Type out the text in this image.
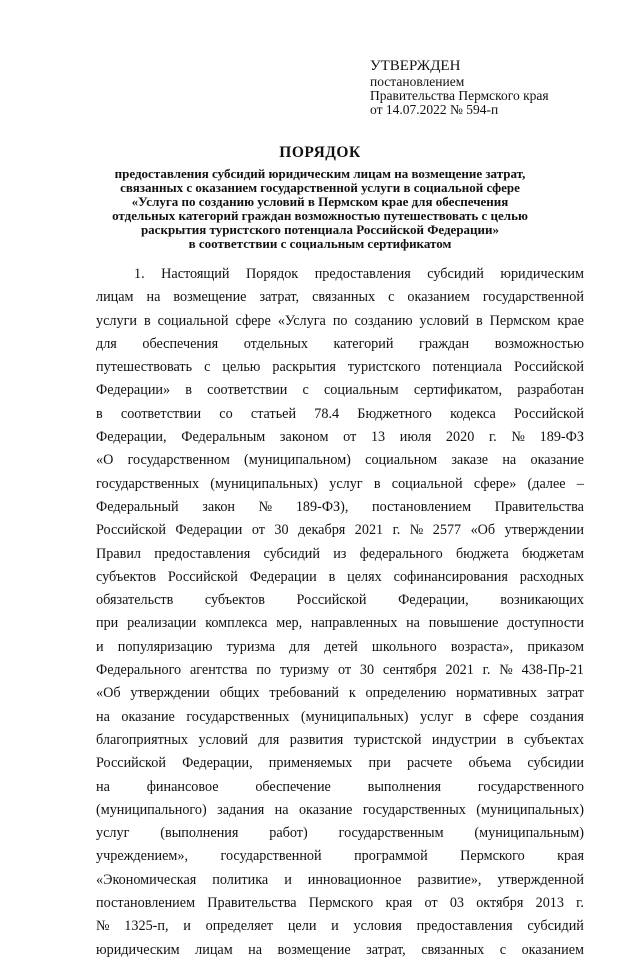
УТВЕРЖДЕН
постановлением
Правительства Пермского края
от 14.07.2022 № 594-п
ПОРЯДОК
предоставления субсидий юридическим лицам на возмещение затрат,
связанных с оказанием государственной услуги в социальной сфере
«Услуга по созданию условий в Пермском крае для обеспечения
отдельных категорий граждан возможностью путешествовать с целью
раскрытия туристского потенциала Российской Федерации»
в соответствии с социальным сертификатом
1. Настоящий Порядок предоставления субсидий юридическим
лицам на возмещение затрат, связанных с оказанием государственной
услуги в социальной сфере «Услуга по созданию условий в Пермском крае
для обеспечения отдельных категорий граждан возможностью
путешествовать с целью раскрытия туристского потенциала Российской
Федерации» в соответствии с социальным сертификатом, разработан
в соответствии со статьей 78.4 Бюджетного кодекса Российской
Федерации, Федеральным законом от 13 июля 2020 г. № 189-ФЗ
«О государственном (муниципальном) социальном заказе на оказание
государственных (муниципальных) услуг в социальной сфере» (далее –
Федеральный закон № 189-ФЗ), постановлением Правительства
Российской Федерации от 30 декабря 2021 г. № 2577 «Об утверждении
Правил предоставления субсидий из федерального бюджета бюджетам
субъектов Российской Федерации в целях софинансирования расходных
обязательств субъектов Российской Федерации, возникающих
при реализации комплекса мер, направленных на повышение доступности
и популяризацию туризма для детей школьного возраста», приказом
Федерального агентства по туризму от 30 сентября 2021 г. № 438-Пр-21
«Об утверждении общих требований к определению нормативных затрат
на оказание государственных (муниципальных) услуг в сфере создания
благоприятных условий для развития туристской индустрии в субъектах
Российской Федерации, применяемых при расчете объема субсидии
на	финансовое	обеспечение	выполнения	государственного
(муниципального) задания на оказание государственных (муниципальных)
услуг (выполнения работ) государственным (муниципальным)
учреждением», государственной программой Пермского края
«Экономическая политика и инновационное развитие», утвержденной
постановлением Правительства Пермского края от 03 октября 2013 г.
№ 1325-п, и определяет цели и условия предоставления субсидий
юридическим лицам на возмещение затрат, связанных с оказанием
